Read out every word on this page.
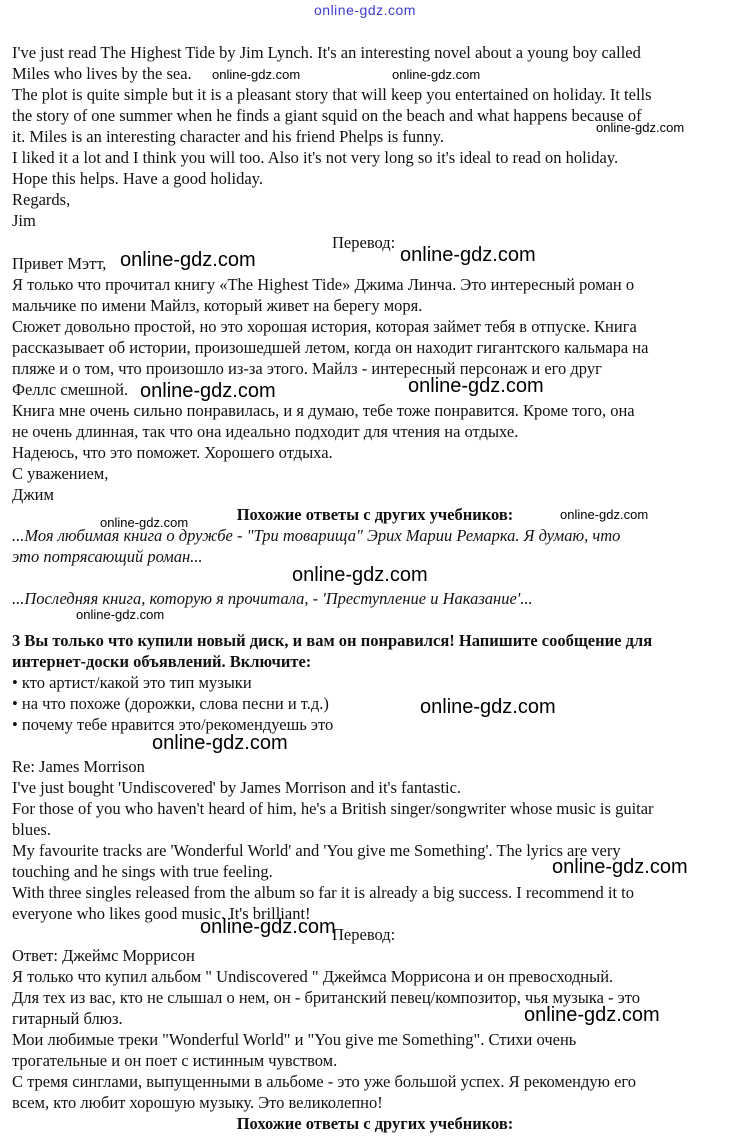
online-gdz.com

I've just read The Highest Tide by Jim Lynch. It's an interesting novel about a young boy called

Miles who lives by the sea.

The plot is quite simple but it is a pleasant story that will keep you entertained on holiday. It tells

the story of one summer when he finds a giant squid on the beach and what happens because of

it. Miles is an interesting character and his friend Phelps is funny.

I liked it a lot and I think you will too. Also it's not very long so it's ideal to read on holiday.

Hope this helps. Have a good holiday.

Regards,

Jim

online-gdz.com	online-gdz.com
online-gdz.com

Перевод:

Привет Мэтт,

Я только что прочитал книгу «The Highest Tide» Джима Линча. Это интересный роман о

мальчике по имени Майлз, который живет на берегу моря.

Сюжет довольно простой, но это хорошая история, которая займет тебя в отпуске. Книга

рассказывает об истории, произошедшей летом, когда он находит гигантского кальмара на

пляже и о том, что произошло из-за этого. Майлз - интересный персонаж и его друг

Феллс смешной.

Книга мне очень сильно понравилась, и я думаю, тебе тоже понравится. Кроме того, она

не очень длинная, так что она идеально подходит для чтения на отдыхе.

Надеюсь, что это поможет. Хорошего отдыха.

С уважением,

Джим

online-gdz.com	online-gdz.com
online-gdz.com	online-gdz.com

Похожие ответы с других учебников:

online-gdz.com
online-gdz.com

...Моя любимая книга о дружбе - "Три товарища" Эрих Марии Ремарка. Я думаю, что

это потрясающий роман...

online-gdz.com

...Последняя книга, которую я прочитала, - 'Преступление и Наказание'...

online-gdz.com

3 Вы только что купили новый диск, и вам он понравился! Напишите сообщение для

интернет-доски объявлений. Включите:

• кто артист/какой это тип музыки

• на что похоже (дорожки, слова песни и т.д.)

• почему тебе нравится это/рекомендуешь это

online-gdz.com
online-gdz.com

Re: James Morrison

I've just bought 'Undiscovered' by James Morrison and it's fantastic.

For those of you who haven't heard of him, he's a British singer/songwriter whose music is guitar

blues.

My favourite tracks are 'Wonderful World' and 'You give me Something'. The lyrics are very

touching and he sings with true feeling.

With three singles released from the album so far it is already a big success. I recommend it to

everyone who likes good music. It's brilliant!

online-gdz.com
online-gdz.com

Перевод:

Ответ: Джеймс Моррисон

Я только что купил альбом " Undiscovered " Джеймса Моррисона и он превосходный.

Для тех из вас, кто не слышал о нем, он - британский певец/композитор, чья музыка - это

гитарный блюз.

Мои любимые треки "Wonderful World" и "You give me Something". Стихи очень

трогательные и он поет с истинным чувством.

С тремя синглами, выпущенными в альбоме - это уже большой успех. Я рекомендую его

всем, кто любит хорошую музыку. Это великолепно!

online-gdz.com

Похожие ответы с других учебников:
